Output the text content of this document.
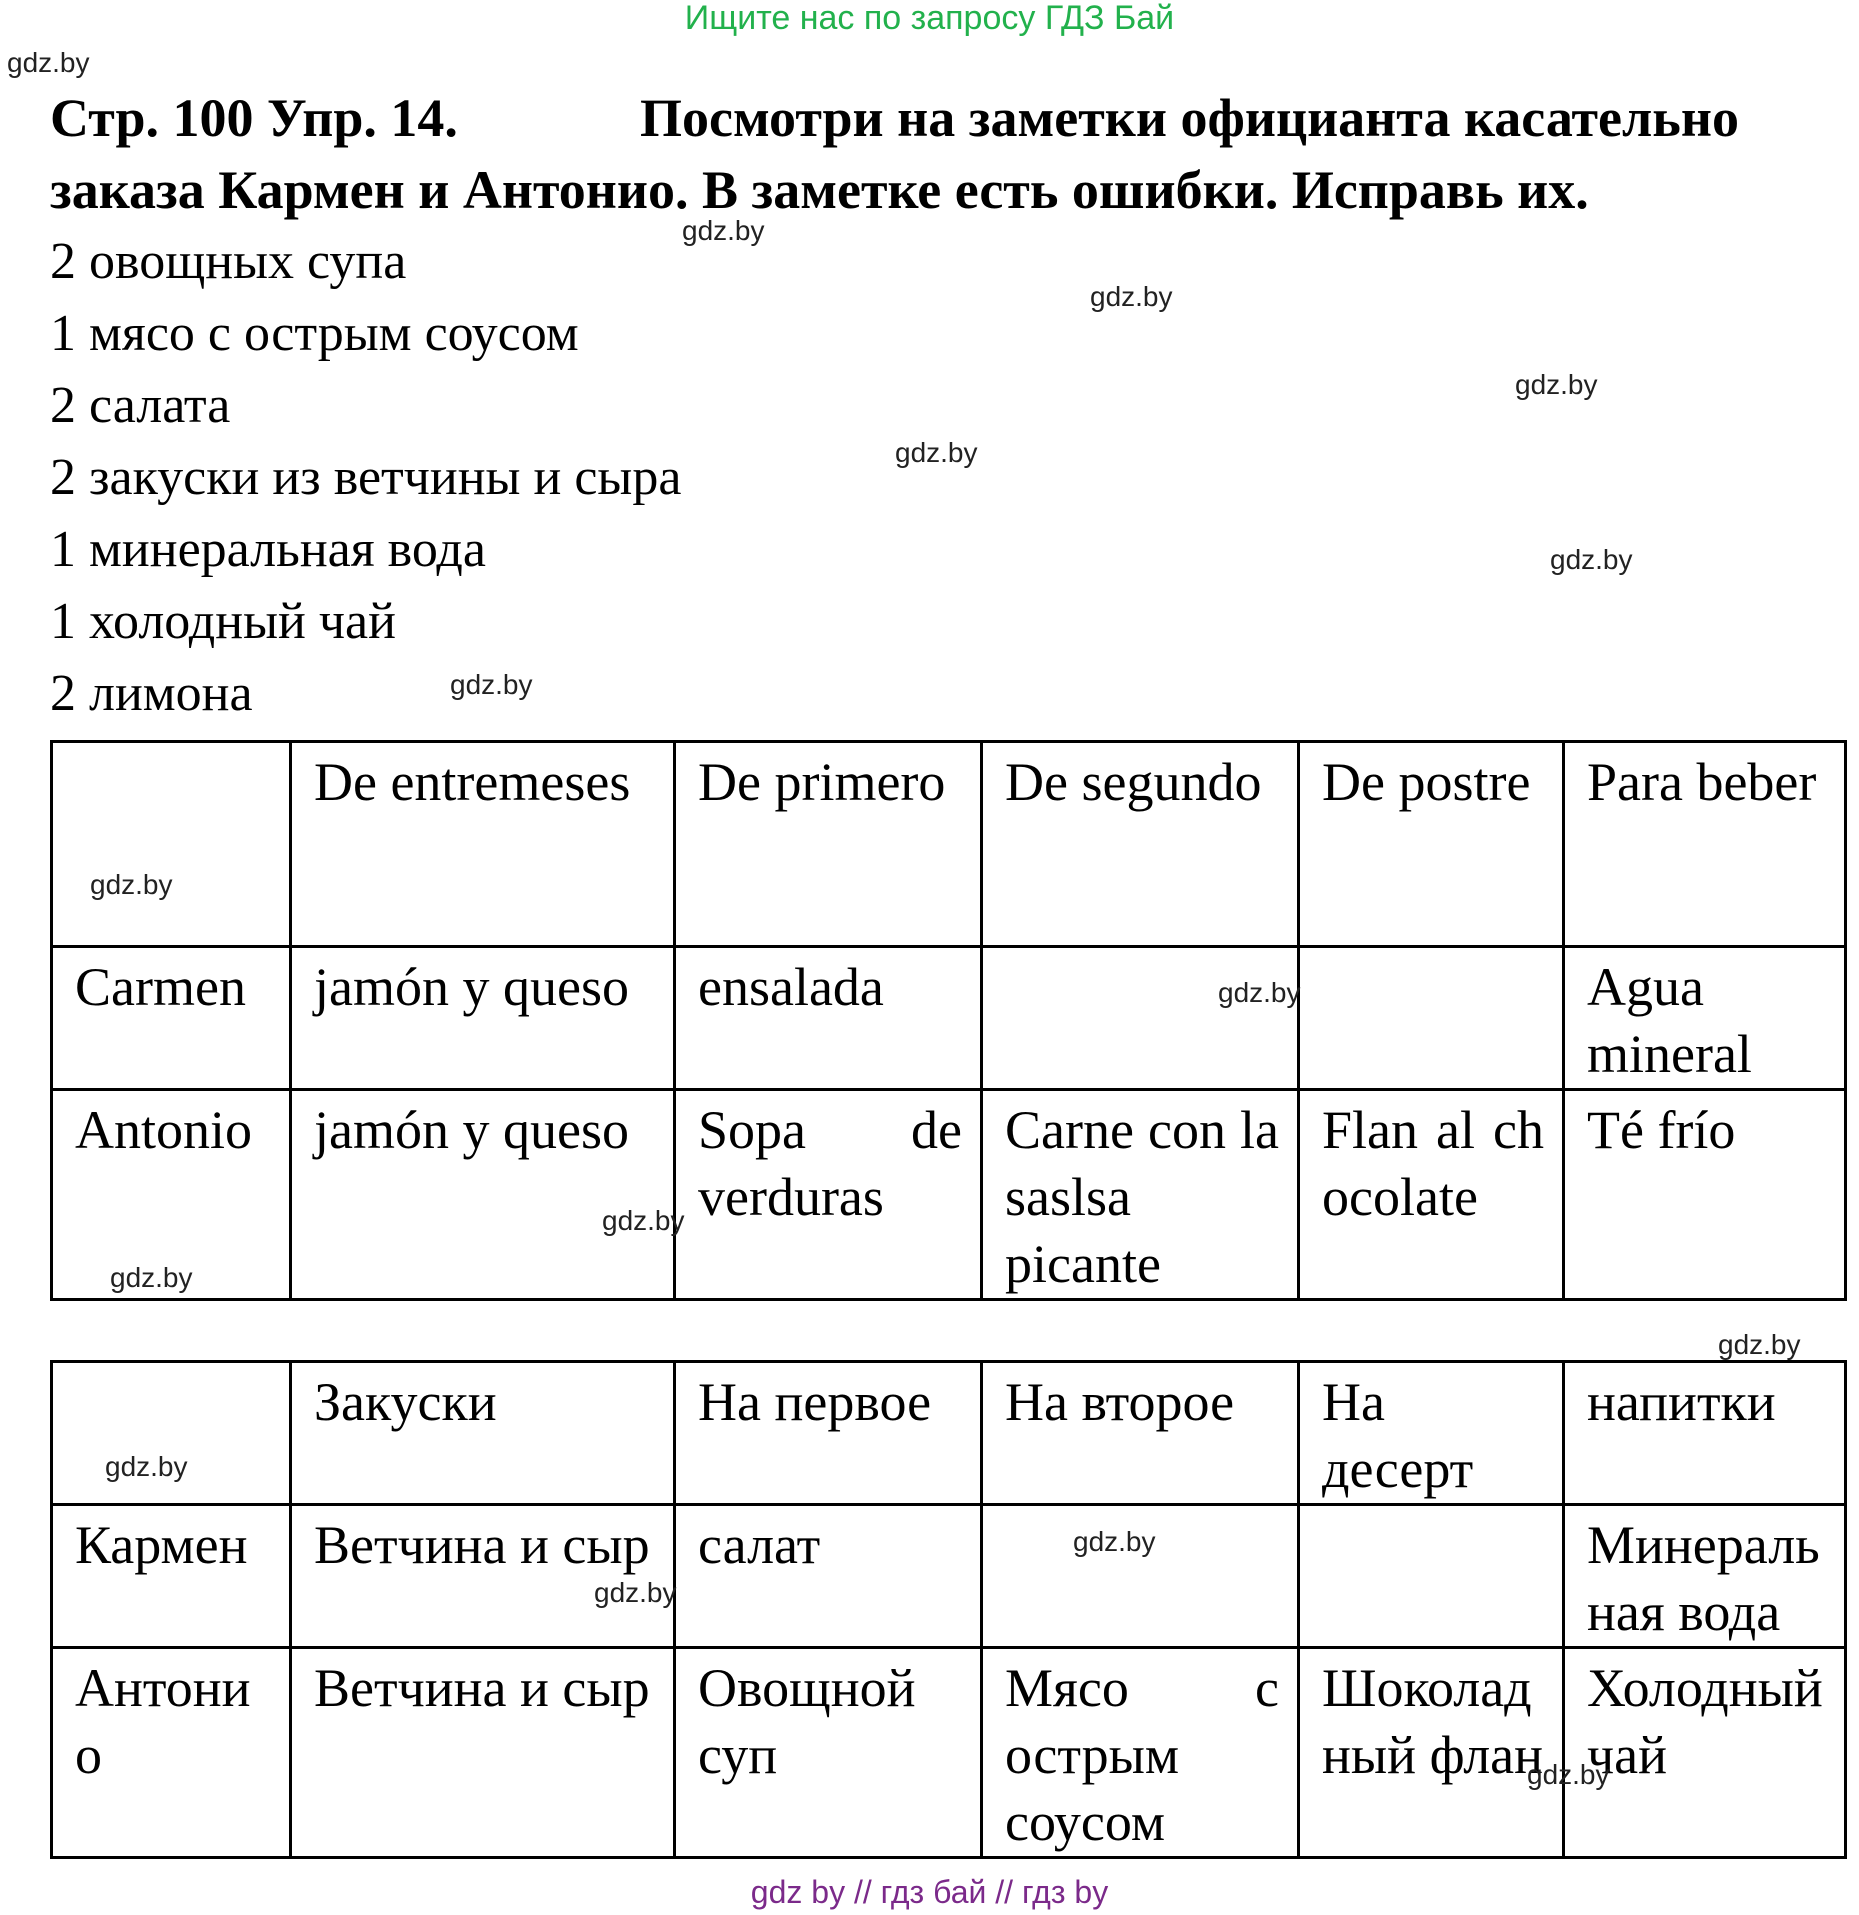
Ищите нас по запросу ГДЗ Бай
Стр. 100 Упр. 14.	Посмотри на заметки официанта касательно
заказа Кармен и Антонио. В заметке есть ошибки. Исправь их.
2 овощных супа
1 мясо с острым соусом
2 салата
2 закуски из ветчины и сыра
1 минеральная вода
1 холодный чай
2 лимона
	De entremeses	De primero	De segundo	De postre	Para beber
Carmen	jamón y queso	ensalada			Agua mineral
Antonio	jamón y queso	Sopa de verduras	Carne con la saslsa picante	Flan al chocolate	Té frío
	Закуски	На первое	На второе	На десерт	напитки
Кармен	Ветчина и сыр	салат			Минеральная вода
Антонио	Ветчина и сыр	Овощной суп	Мясо с острым соусом	Шоколадный флан	Холодный чай
gdz.by
gdz.by
gdz.by
gdz.by
gdz.by
gdz.by
gdz.by
gdz.by
gdz.by
gdz.by
gdz.by
gdz.by
gdz.by
gdz.by
gdz.by
gdz.by
gdz by // гдз бай // гдз by
